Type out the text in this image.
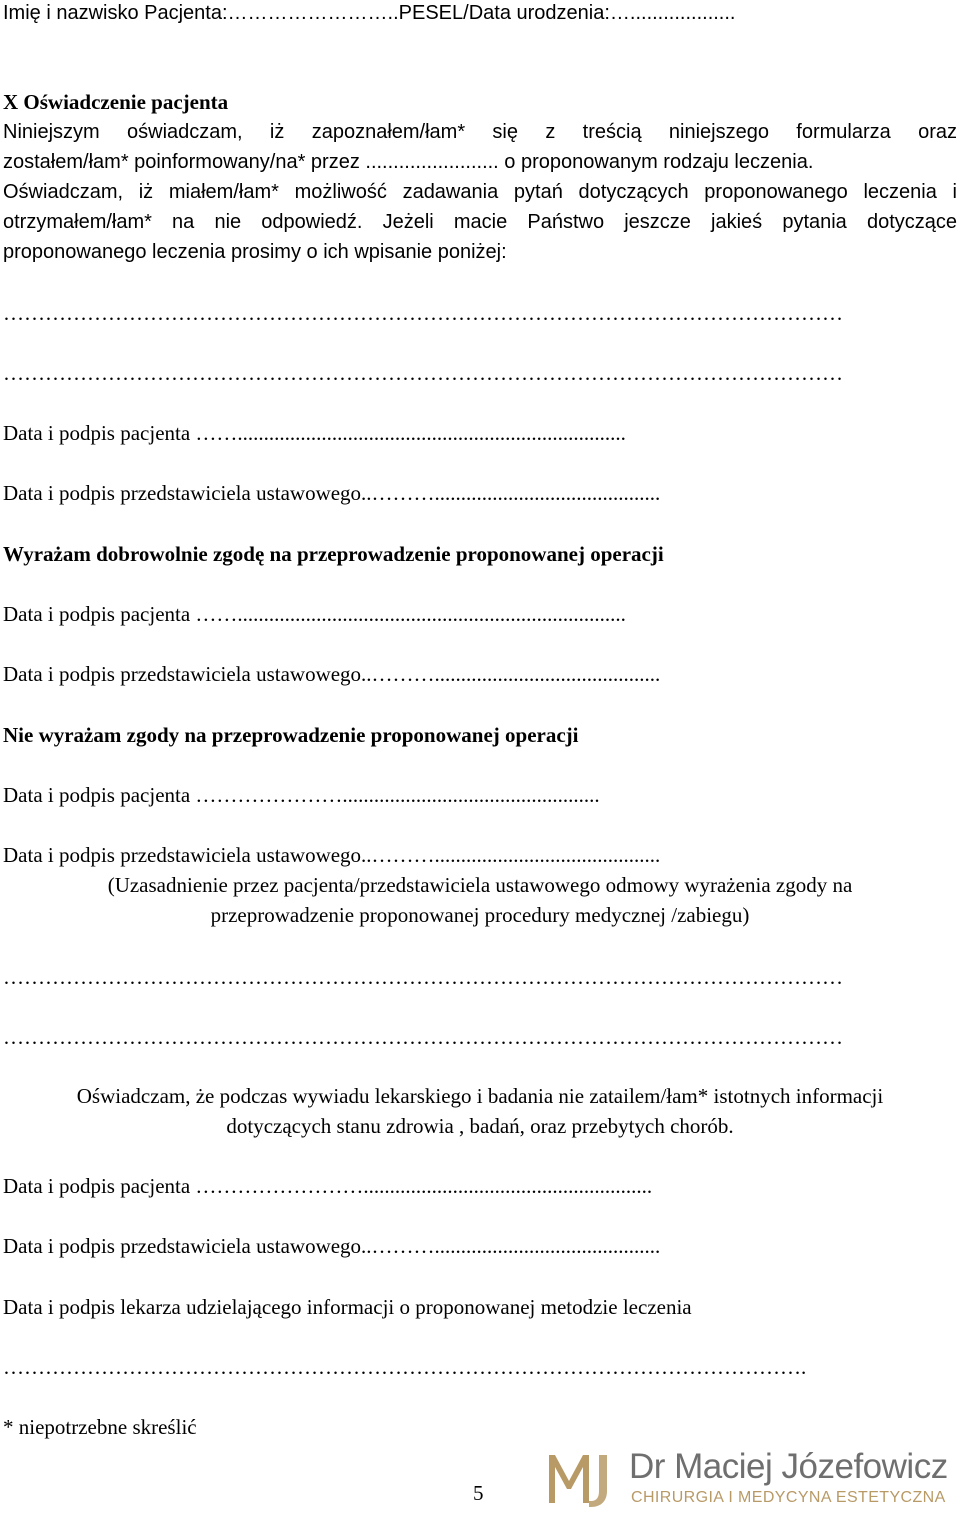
Imię i nazwisko Pacjenta:……………………..PESEL/Data urodzenia:…...................
X Oświadczenie pacjenta
Niniejszym oświadczam, iż zapoznałem/łam* się z treścią niniejszego formularza oraz
zostałem/łam* poinformowany/na* przez ........................ o proponowanym rodzaju leczenia.
Oświadczam, iż miałem/łam* możliwość zadawania pytań dotyczących proponowanego leczenia i
otrzymałem/łam* na nie odpowiedź. Jeżeli macie Państwo jeszcze jakieś pytania dotyczące
proponowanego leczenia prosimy o ich wpisanie poniżej:
…………………………………………………………………………………………………………
…………………………………………………………………………………………………………
Data i podpis pacjenta ……..........................................................................
Data i podpis przedstawiciela ustawowego..………...........................................
Wyrażam dobrowolnie zgodę na przeprowadzenie proponowanej operacji
Data i podpis pacjenta ……..........................................................................
Data i podpis przedstawiciela ustawowego..………...........................................
Nie wyrażam zgody na przeprowadzenie proponowanej operacji
Data i podpis pacjenta ………………….................................................
Data i podpis przedstawiciela ustawowego..………...........................................
(Uzasadnienie przez pacjenta/przedstawiciela ustawowego odmowy wyrażenia zgody na
przeprowadzenie proponowanej procedury medycznej /zabiegu)
…………………………………………………………………………………………………………
…………………………………………………………………………………………………………
Oświadczam, że podczas wywiadu lekarskiego i badania nie zatailem/łam* istotnych informacji
dotyczących stanu zdrowia , badań, oraz przebytych chorób.
Data i podpis pacjenta …………………….......................................................
Data i podpis przedstawiciela ustawowego..………...........................................
Data i podpis lekarza udzielającego informacji o proponowanej metodzie leczenia
…………………………………………………………………………………………………….
* niepotrzebne skreślić
5
Dr Maciej Józefowicz
CHIRURGIA I MEDYCYNA ESTETYCZNA
